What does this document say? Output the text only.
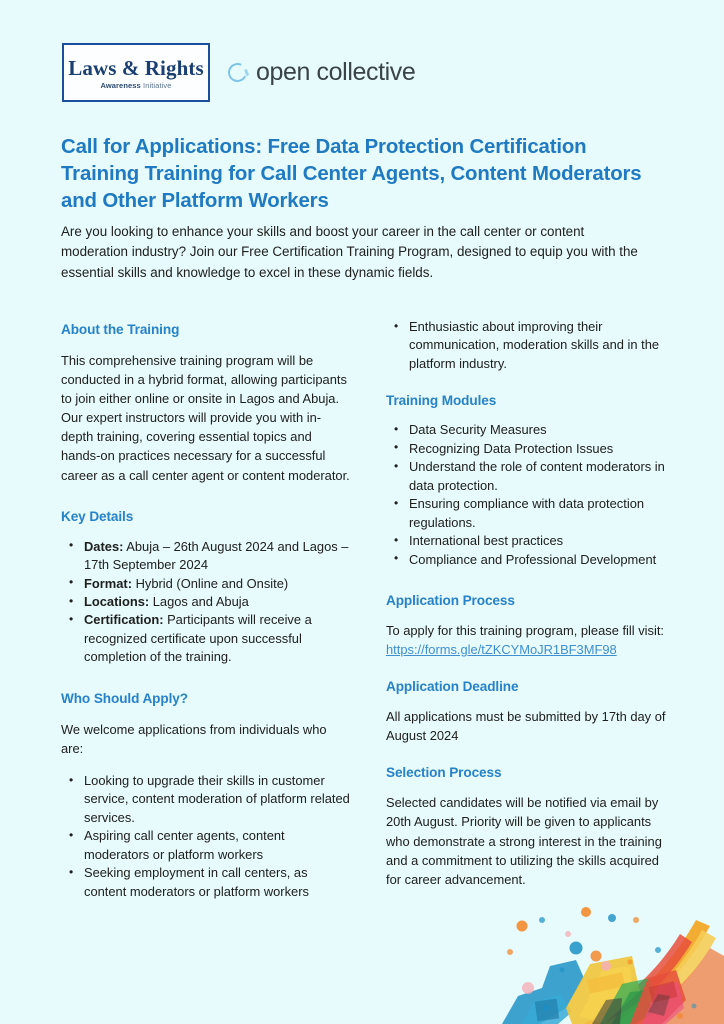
Laws & Rights
Awareness Initiative	open collective
Call for Applications: Free Data Protection Certification Training Training for Call Center Agents, Content Moderators and Other Platform Workers

Are you looking to enhance your skills and boost your career in the call center or content moderation industry? Join our Free Certification Training Program, designed to equip you with the essential skills and knowledge to excel in these dynamic fields.

About the Training

This comprehensive training program will be conducted in a hybrid format, allowing participants to join either online or onsite in Lagos and Abuja. Our expert instructors will provide you with in-depth training, covering essential topics and hands-on practices necessary for a successful career as a call center agent or content moderator.

Key Details
• Dates: Abuja – 26th August 2024 and Lagos – 17th September 2024
• Format: Hybrid (Online and Onsite)
• Locations: Lagos and Abuja
• Certification: Participants will receive a recognized certificate upon successful completion of the training.
Who Should Apply?

We welcome applications from individuals who are:

• Looking to upgrade their skills in customer service, content moderation of platform related services.
• Aspiring call center agents, content moderators or platform workers
• Seeking employment in call centers, as content moderators or platform workers
• Enthusiastic about improving their communication, moderation skills and in the platform industry.
Training Modules
• Data Security Measures
• Recognizing Data Protection Issues
• Understand the role of content moderators in data protection.
• Ensuring compliance with data protection regulations.
• International best practices
• Compliance and Professional Development
Application Process

To apply for this training program, please fill visit:

https://forms.gle/tZKCYMoJR1BF3MF98
Application Deadline

All applications must be submitted by 17th day of August 2024

Selection Process

Selected candidates will be notified via email by 20th August. Priority will be given to applicants who demonstrate a strong interest in the training and a commitment to utilizing the skills acquired for career advancement.
